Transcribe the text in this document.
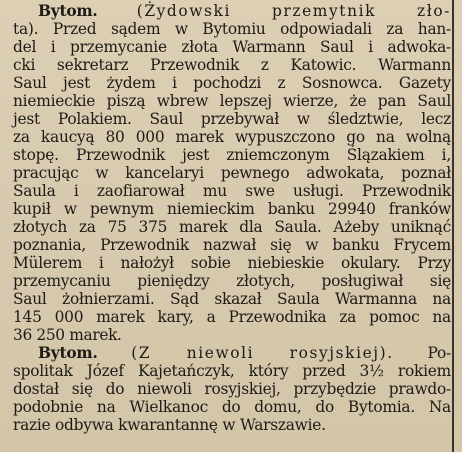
Bytom.	(Żydowski przemytnik zło-
ta). Przed sądem w Bytomiu odpowiadali za han-
del i przemycanie złota Warmann Saul i adwoka-
cki sekretarz Przewodnik z Katowic. Warmann
Saul jest żydem i pochodzi z Sosnowca. Gazety
niemieckie piszą wbrew lepszej wierze, że pan Saul
jest Polakiem. Saul przebywał w śledztwie, lecz
za kaucyą 80 000 marek wypuszczono go na wolną
stopę. Przewodnik jest zniemczonym Ślązakiem i,
pracując w kancelaryi pewnego adwokata, poznał
Saula i zaofiarował mu swe usługi. Przewodnik
kupił w pewnym niemieckim banku 29940 franków
złotych za 75 375 marek dla Saula. Ażeby uniknąć
poznania, Przewodnik nazwał się w banku Frycem
Mülerem i nałożył sobie niebieskie okulary. Przy
przemycaniu pieniędzy złotych, posługiwał się
Saul żołnierzami. Sąd skazał Saula Warmanna na
145 000 marek kary, a Przewodnika za pomoc na
36 250 marek.
Bytom. (Z niewoli rosyjskiej). Po-
spolitak Józef Kajetańczyk, który przed 3½ rokiem
dostał się do niewoli rosyjskiej, przybędzie prawdo-
podobnie na Wielkanoc do domu, do Bytomia. Na
razie odbywa kwarantannę w Warszawie.
